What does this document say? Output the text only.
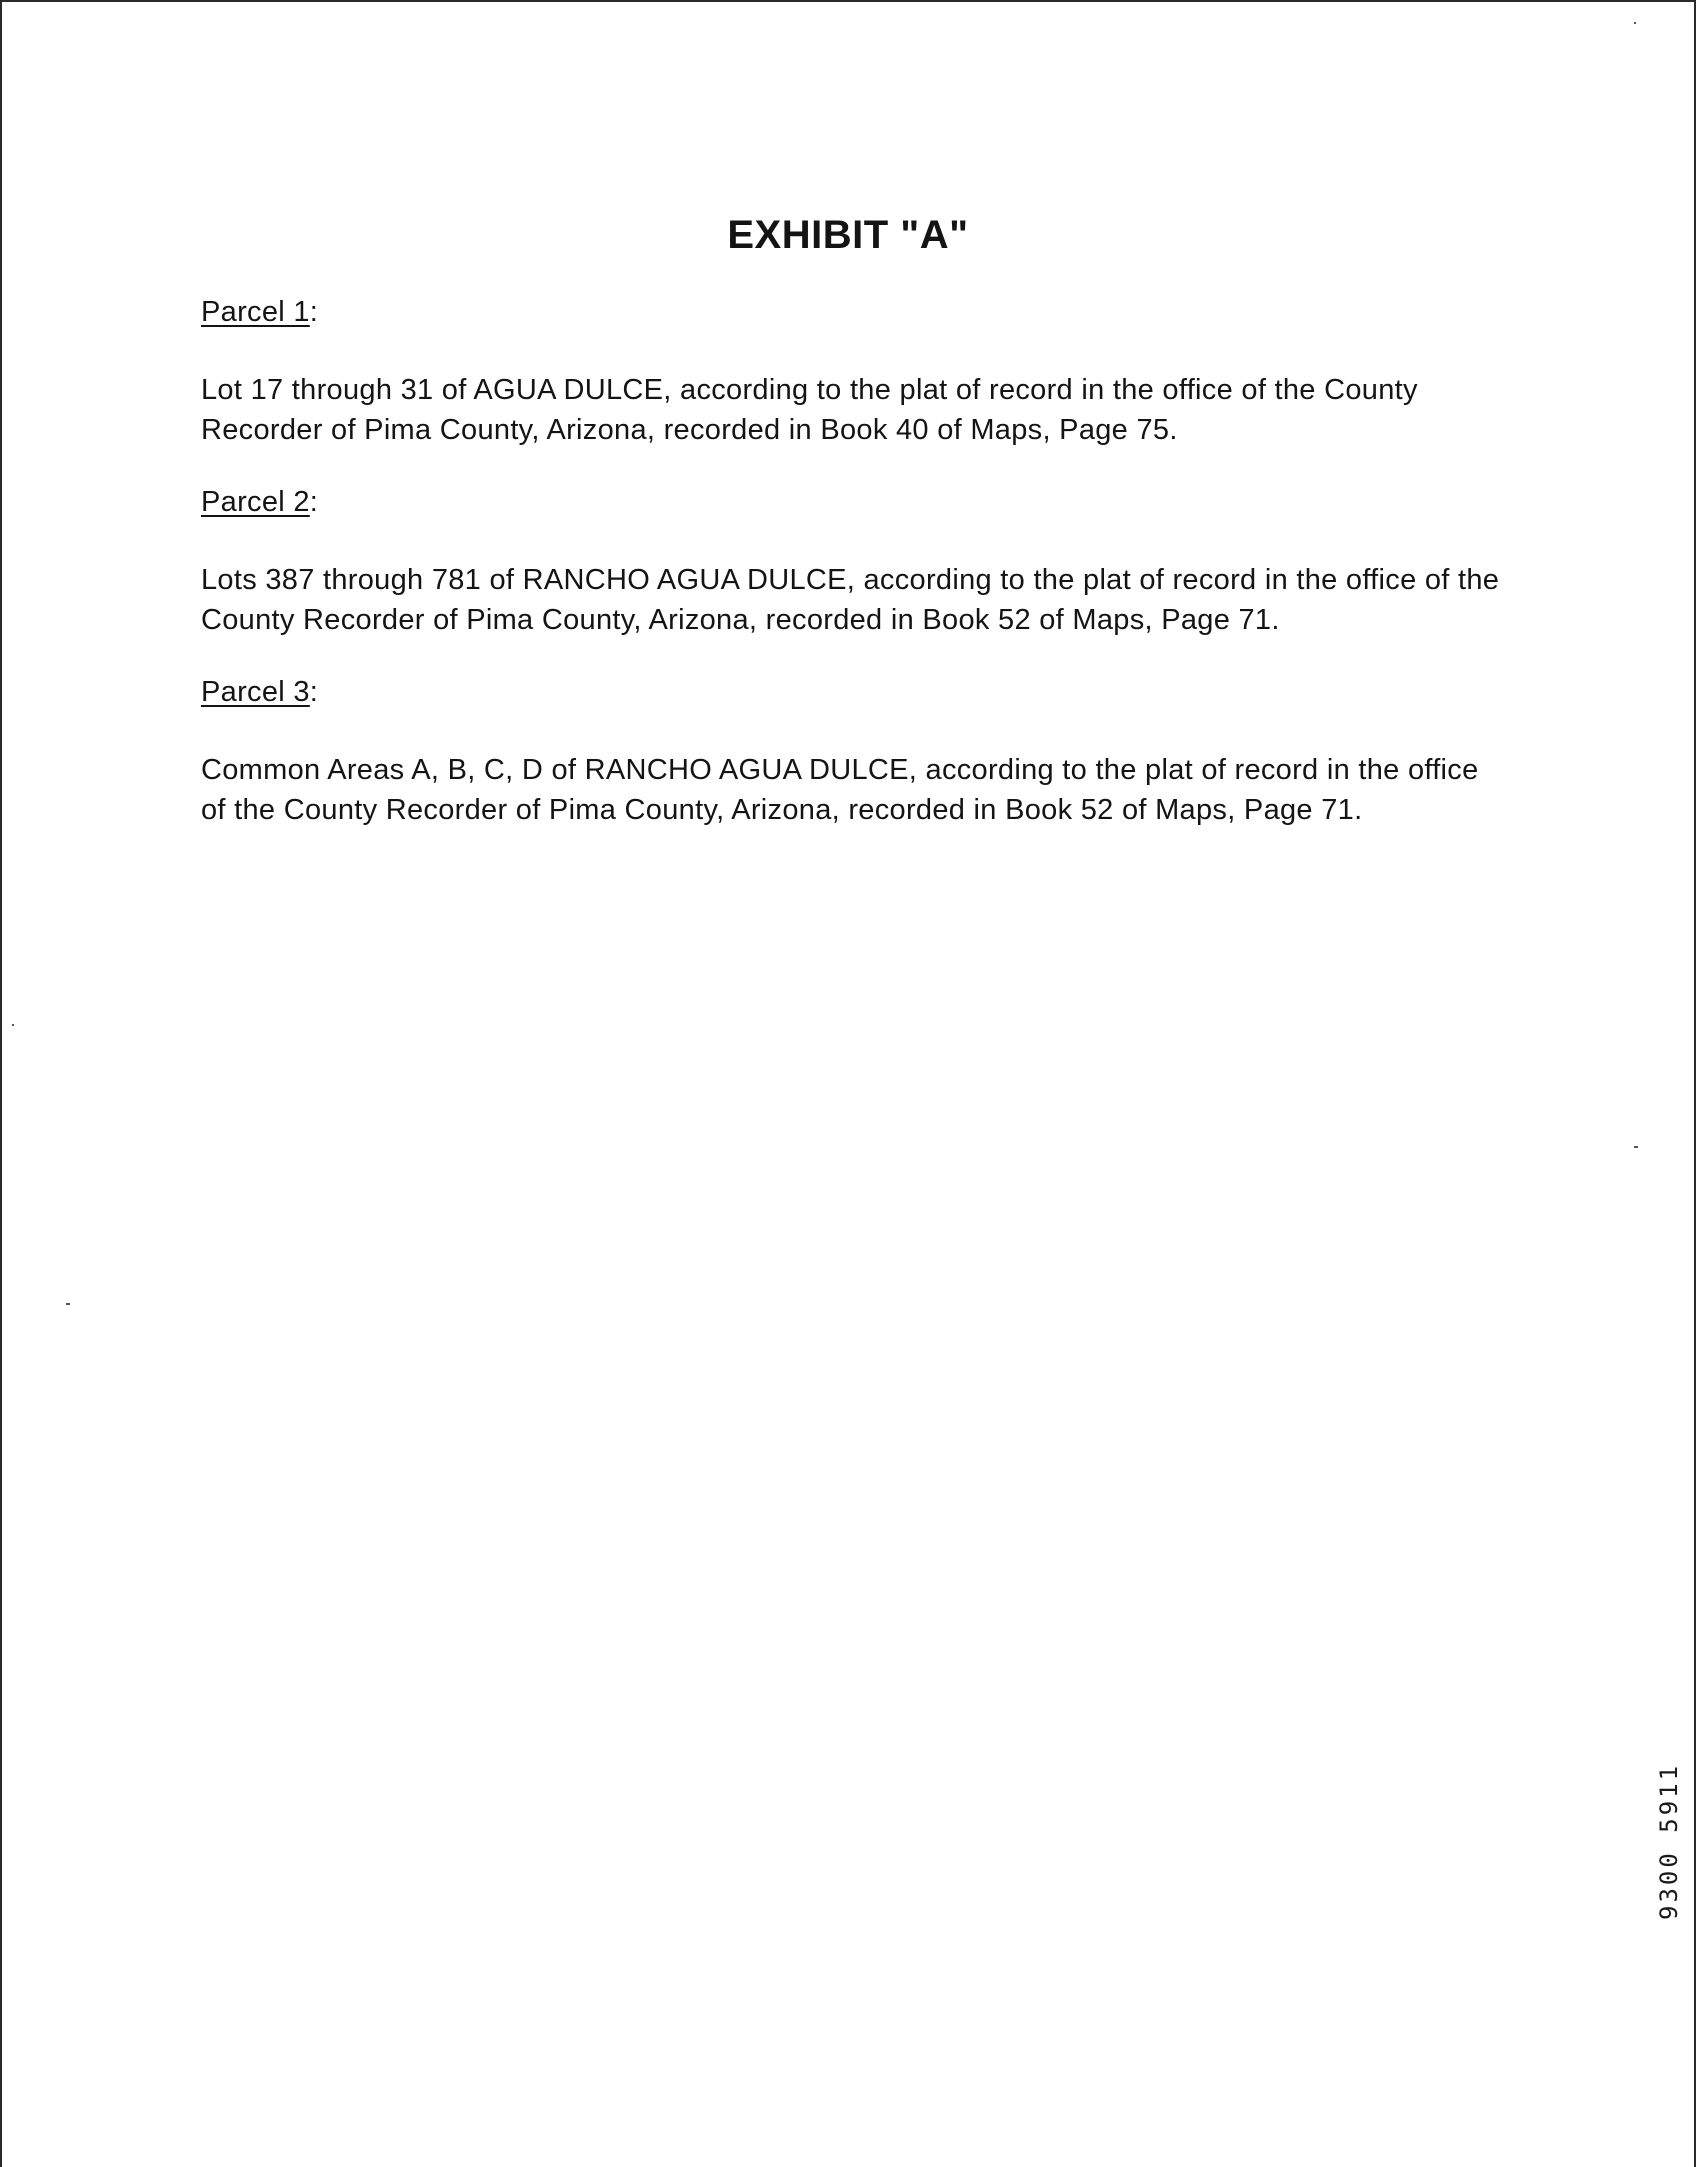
EXHIBIT "A"
Parcel 1:

Lot 17 through 31 of AGUA DULCE, according to the plat of record in the office of the County Recorder of Pima County, Arizona, recorded in Book 40 of Maps, Page 75.

Parcel 2:

Lots 387 through 781 of RANCHO AGUA DULCE, according to the plat of record in the office of the County Recorder of Pima County, Arizona, recorded in Book 52 of Maps, Page 71.

Parcel 3:

Common Areas A, B, C, D of RANCHO AGUA DULCE, according to the plat of record in the office of the County Recorder of Pima County, Arizona, recorded in Book 52 of Maps, Page 71.

9300 5911
